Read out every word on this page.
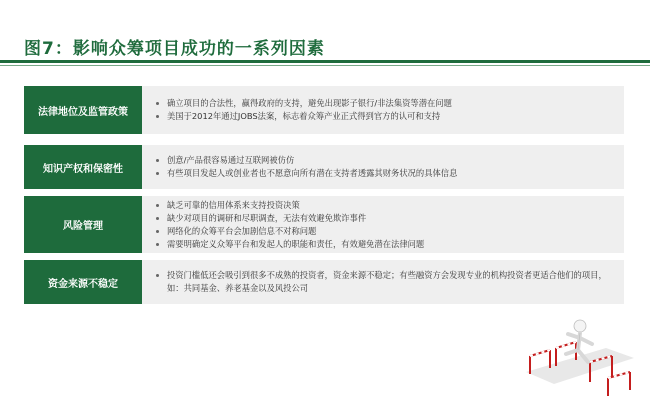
图7：影响众筹项目成功的一系列因素
法律地位及监管政策
确立项目的合法性，赢得政府的支持，避免出现影子银行/非法集资等潜在问题
美国于2012年通过JOBS法案，标志着众筹产业正式得到官方的认可和支持
知识产权和保密性
创意/产品很容易通过互联网被仿仿
有些项目发起人或创业者也不愿意向所有潜在支持者透露其财务状况的具体信息
风险管理
缺乏可靠的信用体系来支持投资决策
缺少对项目的调研和尽职调查，无法有效避免欺诈事件
网络化的众筹平台会加剧信息不对称问题
需要明确定义众筹平台和发起人的职能和责任，有效避免潜在法律问题
资金来源不稳定
投资门槛低还会吸引到很多不成熟的投资者，资金来源不稳定；有些融资方会发现专业的机构投资者更适合他们的项目，如：共同基金、养老基金以及风投公司
